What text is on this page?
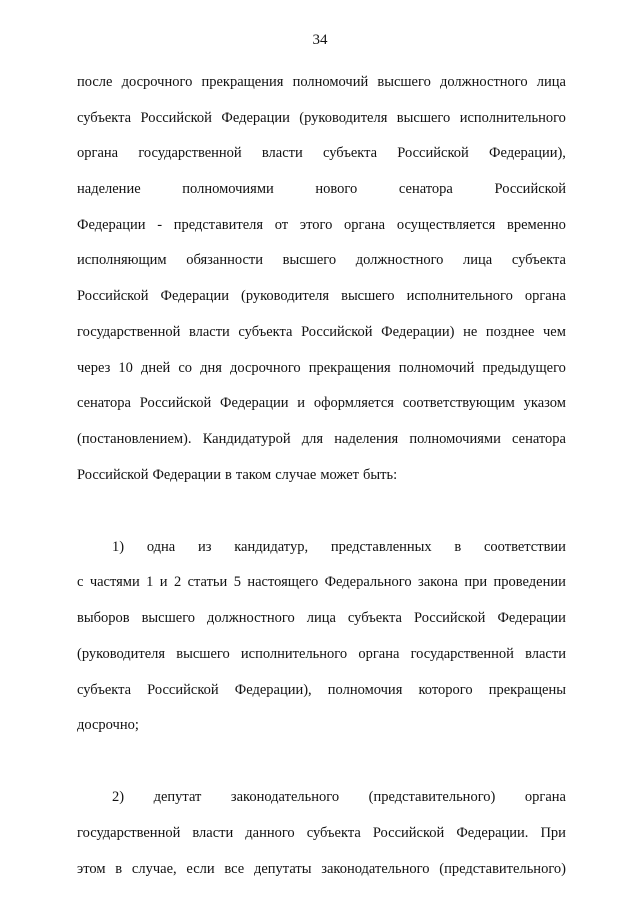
34
после досрочного прекращения полномочий высшего должностного лица
субъекта Российской Федерации (руководителя высшего исполнительного
органа государственной власти субъекта Российской Федерации),
наделение	полномочиями	нового	сенатора	Российской
Федерации - представителя от этого органа осуществляется временно
исполняющим обязанности высшего должностного лица субъекта
Российской Федерации (руководителя высшего исполнительного органа
государственной власти субъекта Российской Федерации) не позднее чем
через 10 дней со дня досрочного прекращения полномочий предыдущего
сенатора Российской Федерации и оформляется соответствующим указом
(постановлением). Кандидатурой для наделения полномочиями сенатора
Российской Федерации в таком случае может быть:
1) одна из кандидатур, представленных в соответствии
с частями 1 и 2 статьи 5 настоящего Федерального закона при проведении
выборов высшего должностного лица субъекта Российской Федерации
(руководителя высшего исполнительного органа государственной власти
субъекта Российской Федерации), полномочия которого прекращены
досрочно;
2) депутат законодательного (представительного) органа
государственной власти данного субъекта Российской Федерации. При
этом в случае, если все депутаты законодательного (представительного)
